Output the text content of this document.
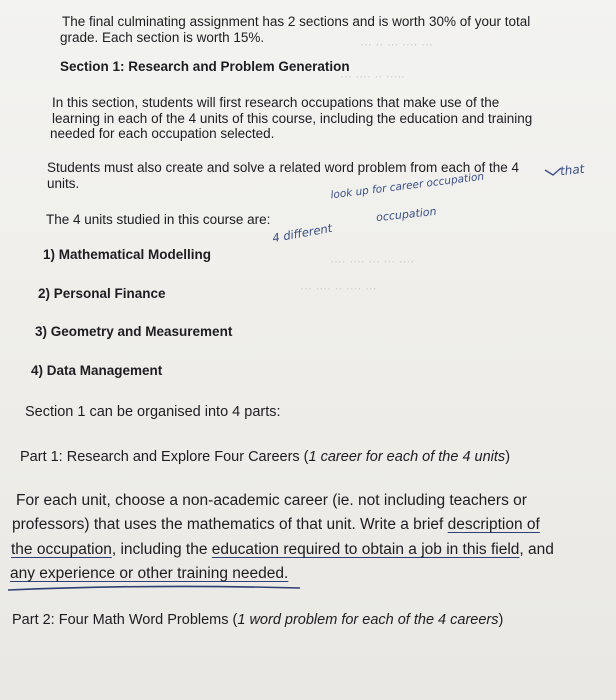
··· ·· ··· ···· ···
··· ···· ·· ·····
···· ···· ··· ··· ····
··· ···· ·· ···· ···
The final culminating assignment has 2 sections and is worth 30% of your total
grade. Each section is worth 15%.
Section 1: Research and Problem Generation
In this section, students will first research occupations that make use of the
learning in each of the 4 units of this course, including the education and training
needed for each occupation selected.
Students must also create and solve a related word problem from each of the 4
units.
The 4 units studied in this course are:
1) Mathematical Modelling
2) Personal Finance
3) Geometry and Measurement
4) Data Management
Section 1 can be organised into 4 parts:
Part 1: Research and Explore Four Careers (1 career for each of the 4 units)
For each unit, choose a non-academic career (ie. not including teachers or
professors) that uses the mathematics of that unit. Write a brief description of
the occupation, including the education required to obtain a job in this field, and
any experience or other training needed.
Part 2: Four Math Word Problems (1 word problem for each of the 4 careers)
that
look up for career occupation
4 different
occupation
